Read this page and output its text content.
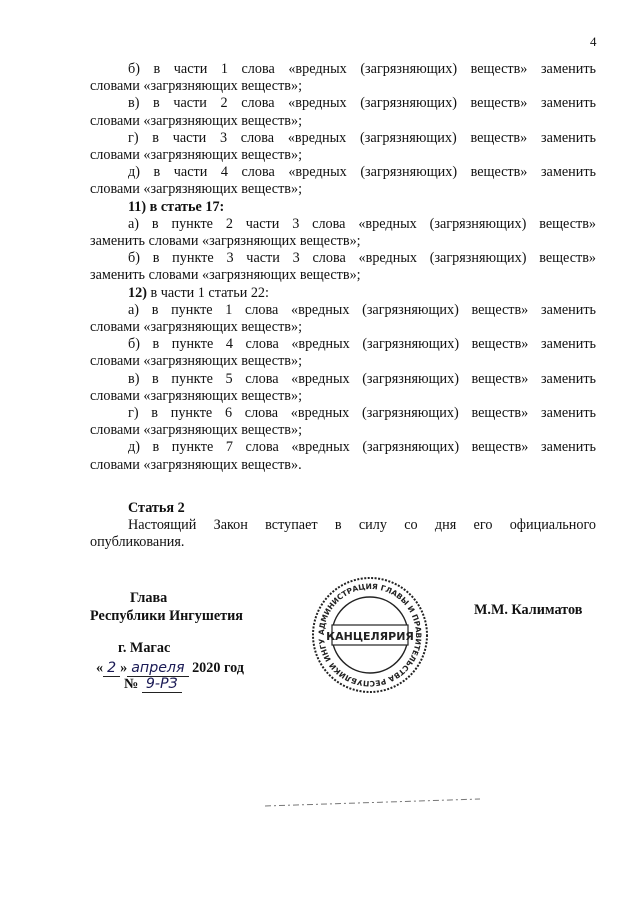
4

б) в части 1 слова «вредных (загрязняющих) веществ» заменить

словами «загрязняющих веществ»;

в) в части 2 слова «вредных (загрязняющих) веществ» заменить

словами «загрязняющих веществ»;

г) в части 3 слова «вредных (загрязняющих) веществ» заменить

словами «загрязняющих веществ»;

д) в части 4 слова «вредных (загрязняющих) веществ» заменить

словами «загрязняющих веществ»;

11) в статье 17:

а) в пункте 2 части 3 слова «вредных (загрязняющих) веществ»

заменить словами «загрязняющих веществ»;

б) в пункте 3 части 3 слова «вредных (загрязняющих) веществ»

заменить словами «загрязняющих веществ»;

12) в части 1 статьи 22:

а) в пункте 1 слова «вредных (загрязняющих) веществ» заменить

словами «загрязняющих веществ»;

б) в пункте 4 слова «вредных (загрязняющих) веществ» заменить

словами «загрязняющих веществ»;

в) в пункте 5 слова «вредных (загрязняющих) веществ» заменить

словами «загрязняющих веществ»;

г) в пункте 6 слова «вредных (загрязняющих) веществ» заменить

словами «загрязняющих веществ»;

д) в пункте 7 слова «вредных (загрязняющих) веществ» заменить

словами «загрязняющих веществ».

Статья 2

Настоящий Закон вступает в силу со дня его официального

опубликования.

Глава
Республики Ингушетия	М.М. Калиматов
г. Магас
« 2 » апреля 2020 год
№ 9-РЗ
АДМИНИСТРАЦИЯ ГЛАВЫ И ПРАВИТЕЛЬСТВА РЕСПУБЛИКИ ИНГУ КАНЦЕЛЯРИЯ
